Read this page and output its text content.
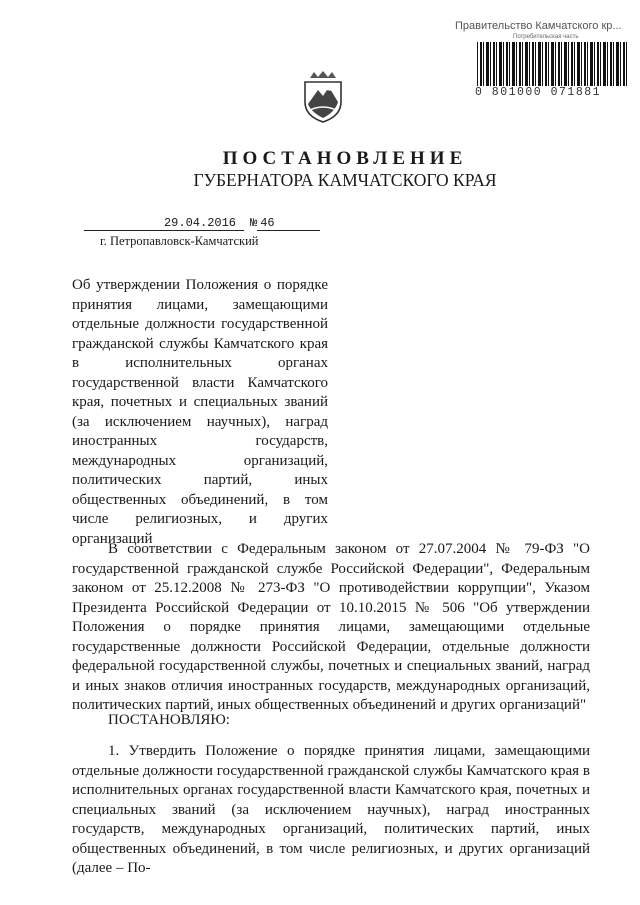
Правительство Камчатского кр...
Потребительская часть
0 801000 071881
ПОСТАНОВЛЕНИЕ
ГУБЕРНАТОРА КАМЧАТСКОГО КРАЯ
29.04.2016 № 46
г. Петропавловск-Камчатский
Об утверждении Положения о порядке принятия лицами, замещающими отдельные должности государственной гражданской службы Камчатского края в исполнительных органах государственной власти Камчатского края, почетных и специальных званий (за исключением научных), наград иностранных государств, международных организаций, политических партий, иных общественных объединений, в том числе религиозных, и других организаций
В соответствии с Федеральным законом от 27.07.2004 № 79-ФЗ "О государственной гражданской службе Российской Федерации", Федеральным законом от 25.12.2008 № 273-ФЗ "О противодействии коррупции", Указом Президента Российской Федерации от 10.10.2015 № 506 "Об утверждении Положения о порядке принятия лицами, замещающими отдельные государственные должности Российской Федерации, отдельные должности федеральной государственной службы, почетных и специальных званий, наград и иных знаков отличия иностранных государств, международных организаций, политических партий, иных общественных объединений и других организаций"
ПОСТАНОВЛЯЮ:
1. Утвердить Положение о порядке принятия лицами, замещающими отдельные должности государственной гражданской службы Камчатского края в исполнительных органах государственной власти Камчатского края, почетных и специальных званий (за исключением научных), наград иностранных государств, международных организаций, политических партий, иных общественных объединений, в том числе религиозных, и других организаций (далее – По-
